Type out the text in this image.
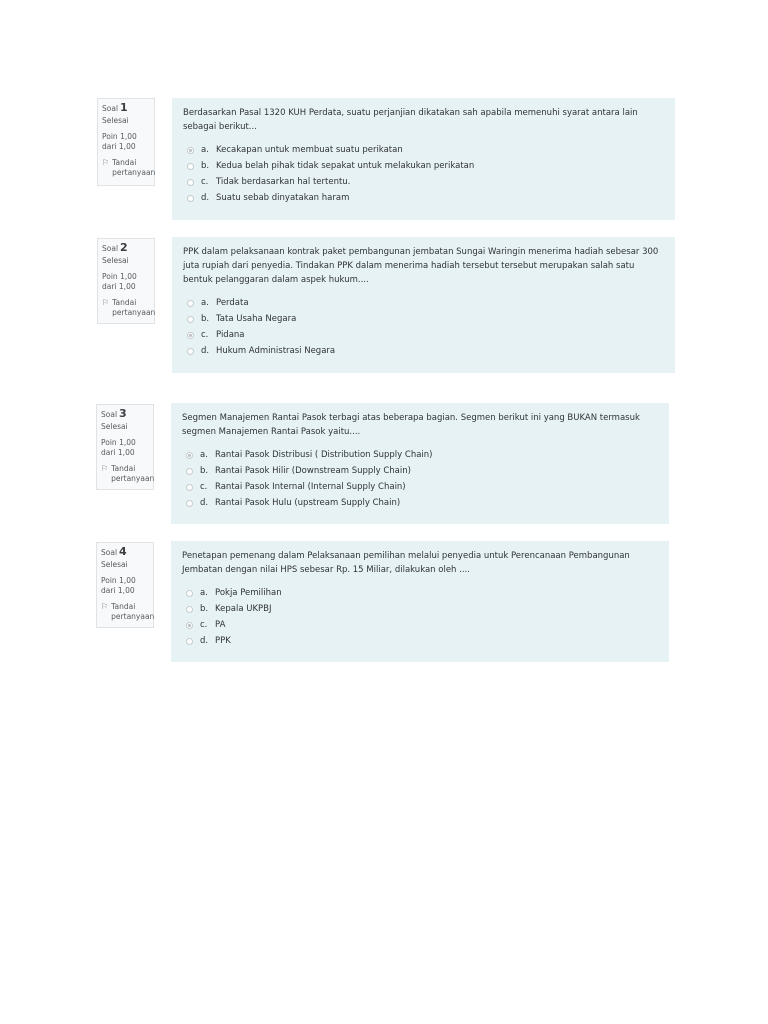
Soal 1
Selesai
Poin 1,00 dari 1,00
⚐ Tandai pertanyaan
Berdasarkan Pasal 1320 KUH Perdata, suatu perjanjian dikatakan sah apabila memenuhi syarat antara lain sebagai berikut...
a. Kecakapan untuk membuat suatu perikatan
b. Kedua belah pihak tidak sepakat untuk melakukan perikatan
c. Tidak berdasarkan hal tertentu.
d. Suatu sebab dinyatakan haram
Soal 2
Selesai
Poin 1,00 dari 1,00
⚐ Tandai pertanyaan
PPK dalam pelaksanaan kontrak paket pembangunan jembatan Sungai Waringin menerima hadiah sebesar 300 juta rupiah dari penyedia. Tindakan PPK dalam menerima hadiah tersebut tersebut merupakan salah satu bentuk pelanggaran dalam aspek hukum....
a. Perdata
b. Tata Usaha Negara
c. Pidana
d. Hukum Administrasi Negara
Soal 3
Selesai
Poin 1,00 dari 1,00
⚐ Tandai pertanyaan
Segmen Manajemen Rantai Pasok terbagi atas beberapa bagian. Segmen berikut ini yang BUKAN termasuk segmen Manajemen Rantai Pasok yaitu....
a. Rantai Pasok Distribusi ( Distribution Supply Chain)
b. Rantai Pasok Hilir (Downstream Supply Chain)
c. Rantai Pasok Internal (Internal Supply Chain)
d. Rantai Pasok Hulu (upstream Supply Chain)
Soal 4
Selesai
Poin 1,00 dari 1,00
⚐ Tandai pertanyaan
Penetapan pemenang dalam Pelaksanaan pemilihan melalui penyedia untuk Perencanaan Pembangunan Jembatan dengan nilai HPS sebesar Rp. 15 Miliar, dilakukan oleh ....
a. Pokja Pemilihan
b. Kepala UKPBJ
c. PA
d. PPK
